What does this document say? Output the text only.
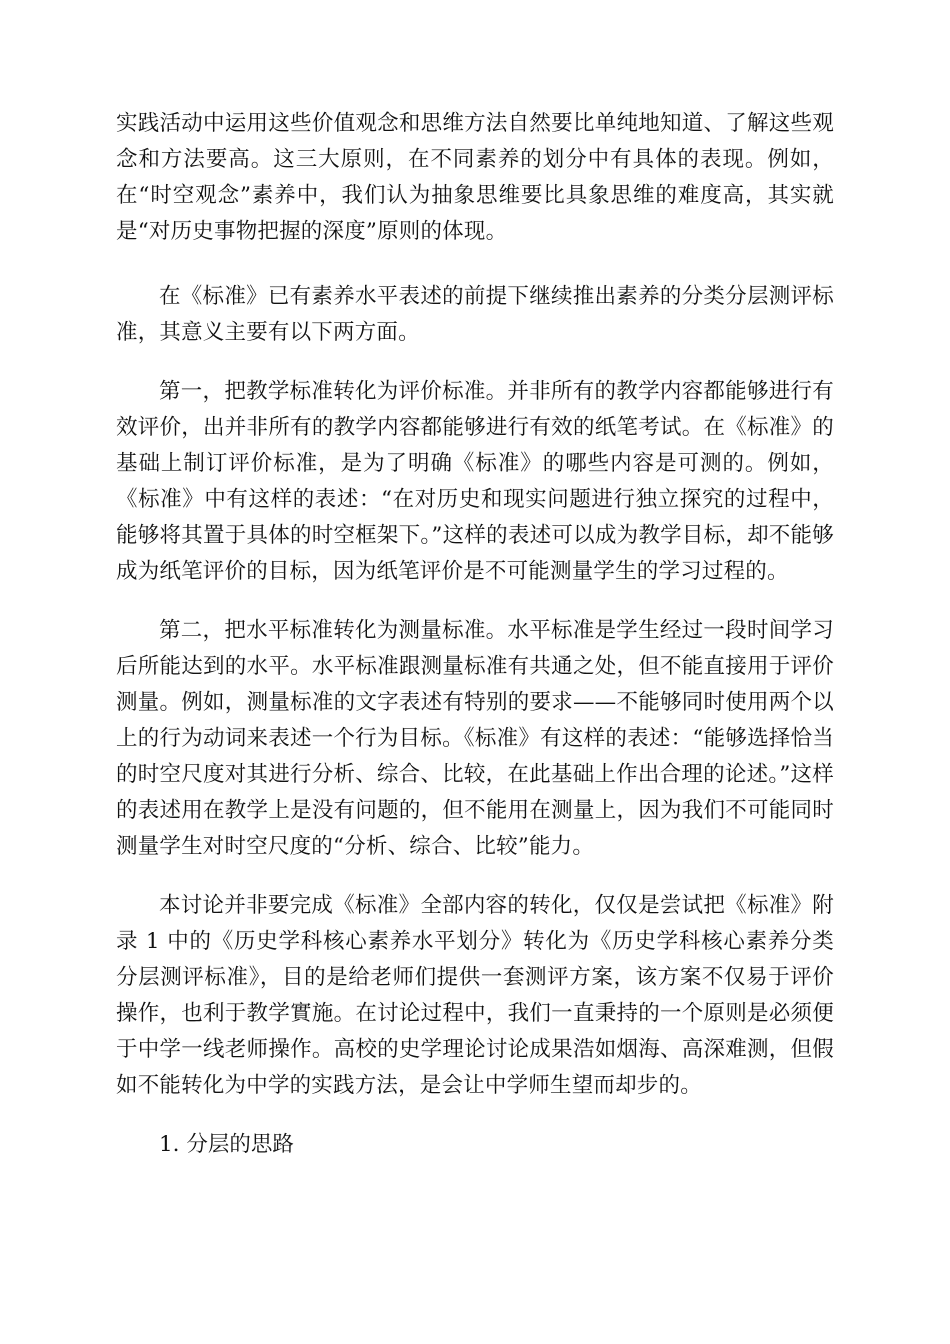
实践活动中运用这些价值观念和思维方法自然要比单纯地知道、了解这些观念和方法要高。这三大原则，在不同素养的划分中有具体的表现。例如，在“时空观念”素养中，我们认为抽象思维要比具象思维的难度高，其实就是“对历史事物把握的深度”原则的体现。

在《标准》已有素养水平表述的前提下继续推出素养的分类分层测评标准，其意义主要有以下两方面。

第一，把教学标准转化为评价标准。并非所有的教学内容都能够进行有效评价，出并非所有的教学内容都能够进行有效的纸笔考试。在《标准》的基础上制订评价标准，是为了明确《标准》的哪些内容是可测的。例如，《标准》中有这样的表述：“在对历史和现实问题进行独立探究的过程中，能够将其置于具体的时空框架下。”这样的表述可以成为教学目标，却不能够成为纸笔评价的目标，因为纸笔评价是不可能测量学生的学习过程的。

第二，把水平标准转化为测量标准。水平标准是学生经过一段时间学习后所能达到的水平。水平标准跟测量标准有共通之处，但不能直接用于评价测量。例如，测量标准的文字表述有特别的要求——不能够同时使用两个以上的行为动词来表述一个行为目标。《标准》有这样的表述：“能够选择恰当的时空尺度对其进行分析、综合、比较，在此基础上作出合理的论述。”这样的表述用在教学上是没有问题的，但不能用在测量上，因为我们不可能同时测量学生对时空尺度的“分析、综合、比较”能力。

本讨论并非要完成《标准》全部内容的转化，仅仅是尝试把《标准》附录 1 中的《历史学科核心素养水平划分》转化为《历史学科核心素养分类分层测评标准》，目的是给老师们提供一套测评方案，该方案不仅易于评价操作，也利于教学實施。在讨论过程中，我们一直秉持的一个原则是必须便于中学一线老师操作。高校的史学理论讨论成果浩如烟海、高深难测，但假如不能转化为中学的实践方法，是会让中学师生望而却步的。

1. 分层的思路
